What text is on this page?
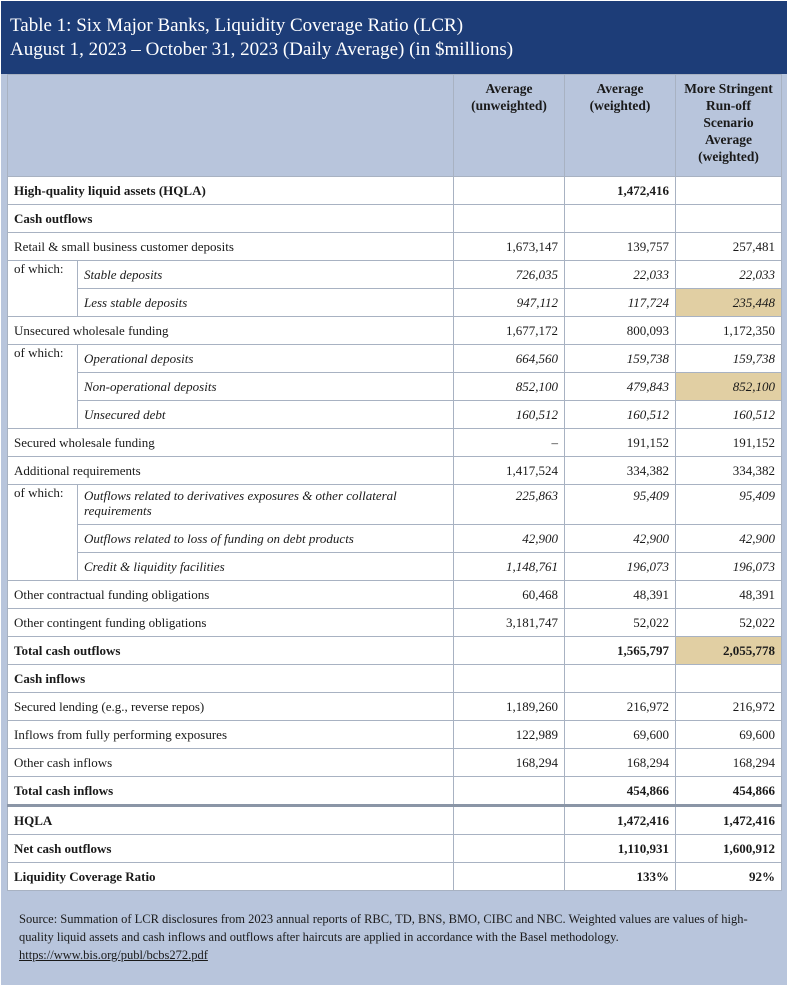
Table 1: Six Major Banks, Liquidity Coverage Ratio (LCR)
August 1, 2023 – October 31, 2023 (Daily Average) (in $millions)
		Average (unweighted)	Average (weighted)	More Stringent Run-off Scenario Average (weighted)
High-quality liquid assets (HQLA)			1,472,416	
Cash outflows				
Retail & small business customer deposits		1,673,147	139,757	257,481
of which:	Stable deposits	726,035	22,033	22,033
	Less stable deposits	947,112	117,724	235,448
Unsecured wholesale funding		1,677,172	800,093	1,172,350
of which:	Operational deposits	664,560	159,738	159,738
	Non-operational deposits	852,100	479,843	852,100
	Unsecured debt	160,512	160,512	160,512
Secured wholesale funding		–	191,152	191,152
Additional requirements		1,417,524	334,382	334,382
of which:	Outflows related to derivatives exposures & other collateral requirements	225,863	95,409	95,409
	Outflows related to loss of funding on debt products	42,900	42,900	42,900
	Credit & liquidity facilities	1,148,761	196,073	196,073
Other contractual funding obligations		60,468	48,391	48,391
Other contingent funding obligations		3,181,747	52,022	52,022
Total cash outflows			1,565,797	2,055,778
Cash inflows				
Secured lending (e.g., reverse repos)		1,189,260	216,972	216,972
Inflows from fully performing exposures		122,989	69,600	69,600
Other cash inflows		168,294	168,294	168,294
Total cash inflows			454,866	454,866
HQLA			1,472,416	1,472,416
Net cash outflows			1,110,931	1,600,912
Liquidity Coverage Ratio			133%	92%
Source: Summation of LCR disclosures from 2023 annual reports of RBC, TD, BNS, BMO, CIBC and NBC. Weighted values are values of high-quality liquid assets and cash inflows and outflows after haircuts are applied in accordance with the Basel methodology. https://www.bis.org/publ/bcbs272.pdf
